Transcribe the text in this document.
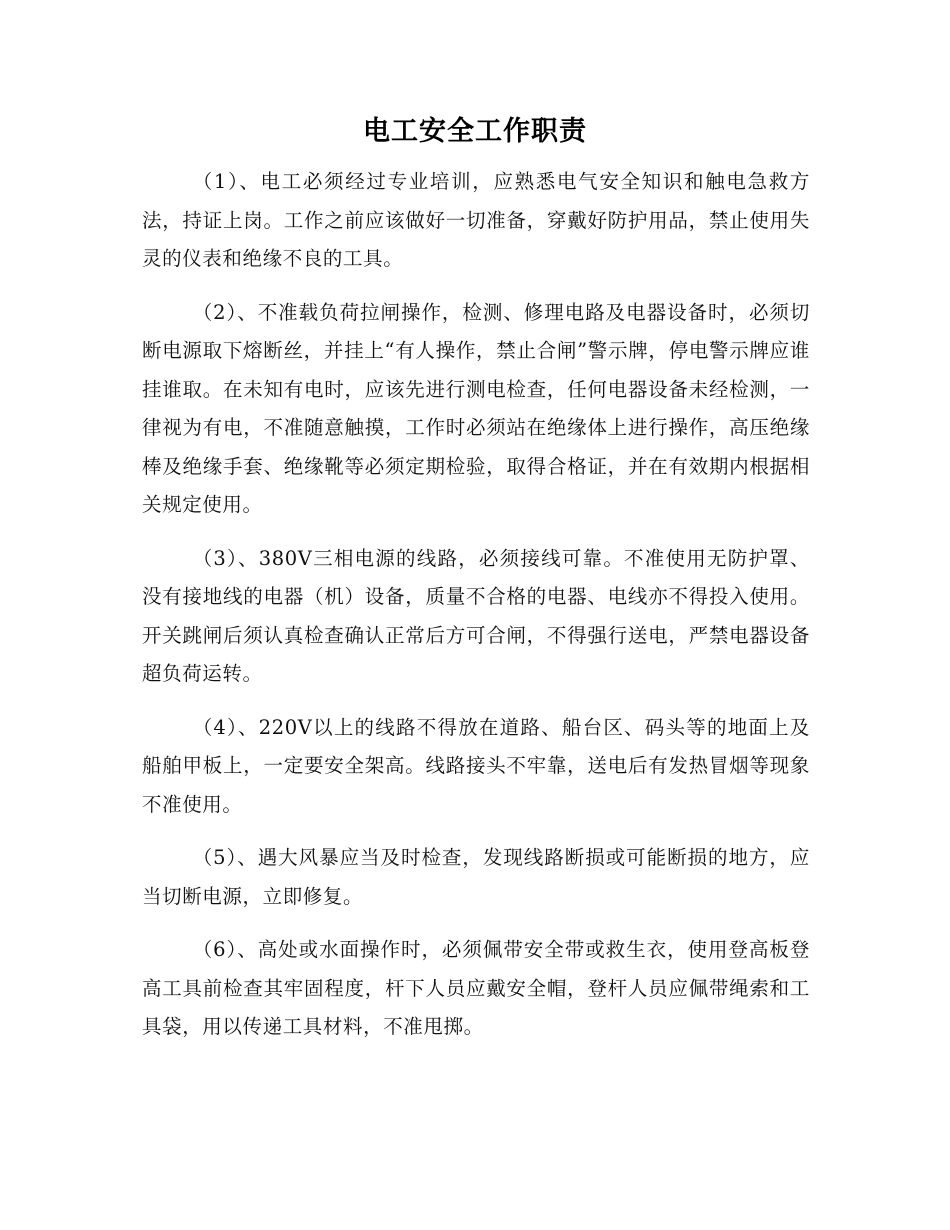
电工安全工作职责

（1）、电工必须经过专业培训，应熟悉电气安全知识和触电急救方法，持证上岗。工作之前应该做好一切准备，穿戴好防护用品，禁止使用失灵的仪表和绝缘不良的工具。

（2）、不准载负荷拉闸操作，检测、修理电路及电器设备时，必须切断电源取下熔断丝，并挂上“有人操作，禁止合闸”警示牌，停电警示牌应谁挂谁取。在未知有电时，应该先进行测电检查，任何电器设备未经检测，一律视为有电，不准随意触摸，工作时必须站在绝缘体上进行操作，高压绝缘棒及绝缘手套、绝缘靴等必须定期检验，取得合格证，并在有效期内根据相关规定使用。

（3）、380V三相电源的线路，必须接线可靠。不准使用无防护罩、没有接地线的电器（机）设备，质量不合格的电器、电线亦不得投入使用。开关跳闸后须认真检查确认正常后方可合闸，不得强行送电，严禁电器设备超负荷运转。

（4）、220V以上的线路不得放在道路、船台区、码头等的地面上及船舶甲板上，一定要安全架高。线路接头不牢靠，送电后有发热冒烟等现象不准使用。

（5）、遇大风暴应当及时检查，发现线路断损或可能断损的地方，应当切断电源，立即修复。

（6）、高处或水面操作时，必须佩带安全带或救生衣，使用登高板登高工具前检查其牢固程度，杆下人员应戴安全帽，登杆人员应佩带绳索和工具袋，用以传递工具材料，不准甩掷。
